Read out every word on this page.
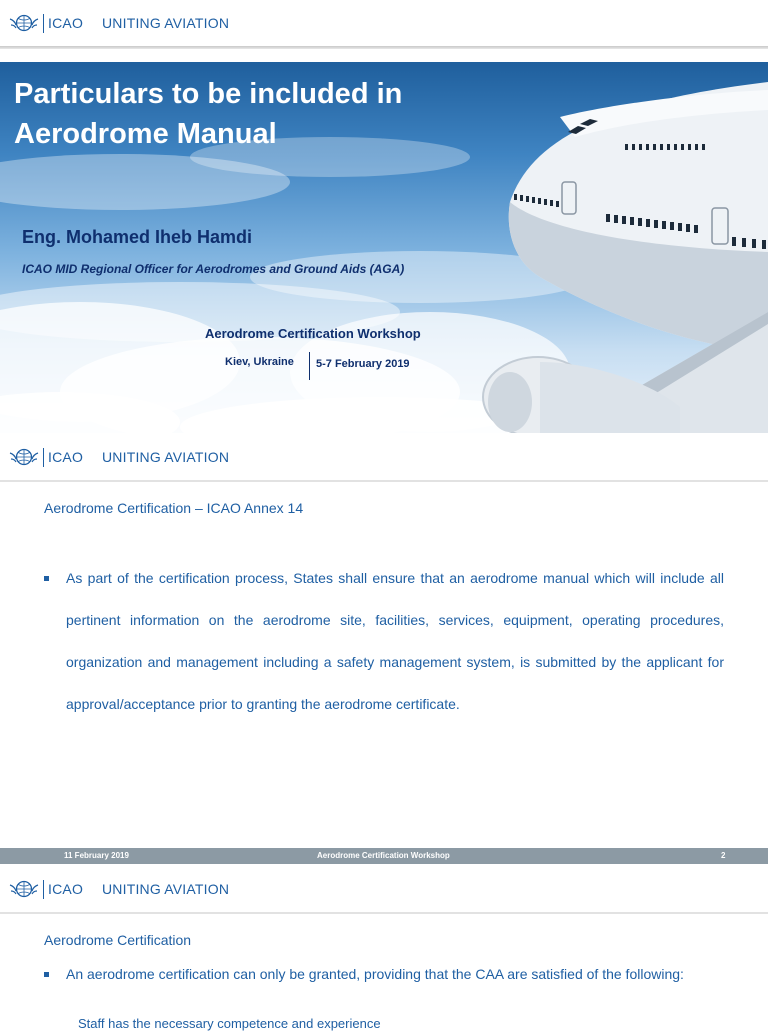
ICAO UNITING AVIATION
Particulars to be included in
Aerodrome Manual
Eng. Mohamed Iheb Hamdi
ICAO MID Regional Officer for Aerodromes and Ground Aids (AGA)
Aerodrome Certification Workshop
Kiev, Ukraine 5-7 February 2019
ICAO UNITING AVIATION
Aerodrome Certification – ICAO Annex 14
As part of the certification process, States shall ensure that an aerodrome manual which will include all pertinent information on the aerodrome site, facilities, services, equipment, operating procedures, organization and management including a safety management system, is submitted by the applicant for approval/acceptance prior to granting the aerodrome certificate.
11 February 2019	Aerodrome Certification Workshop	2
ICAO UNITING AVIATION
Aerodrome Certification
An aerodrome certification can only be granted, providing that the CAA are satisfied of the following:
Staff has the necessary competence and experience
